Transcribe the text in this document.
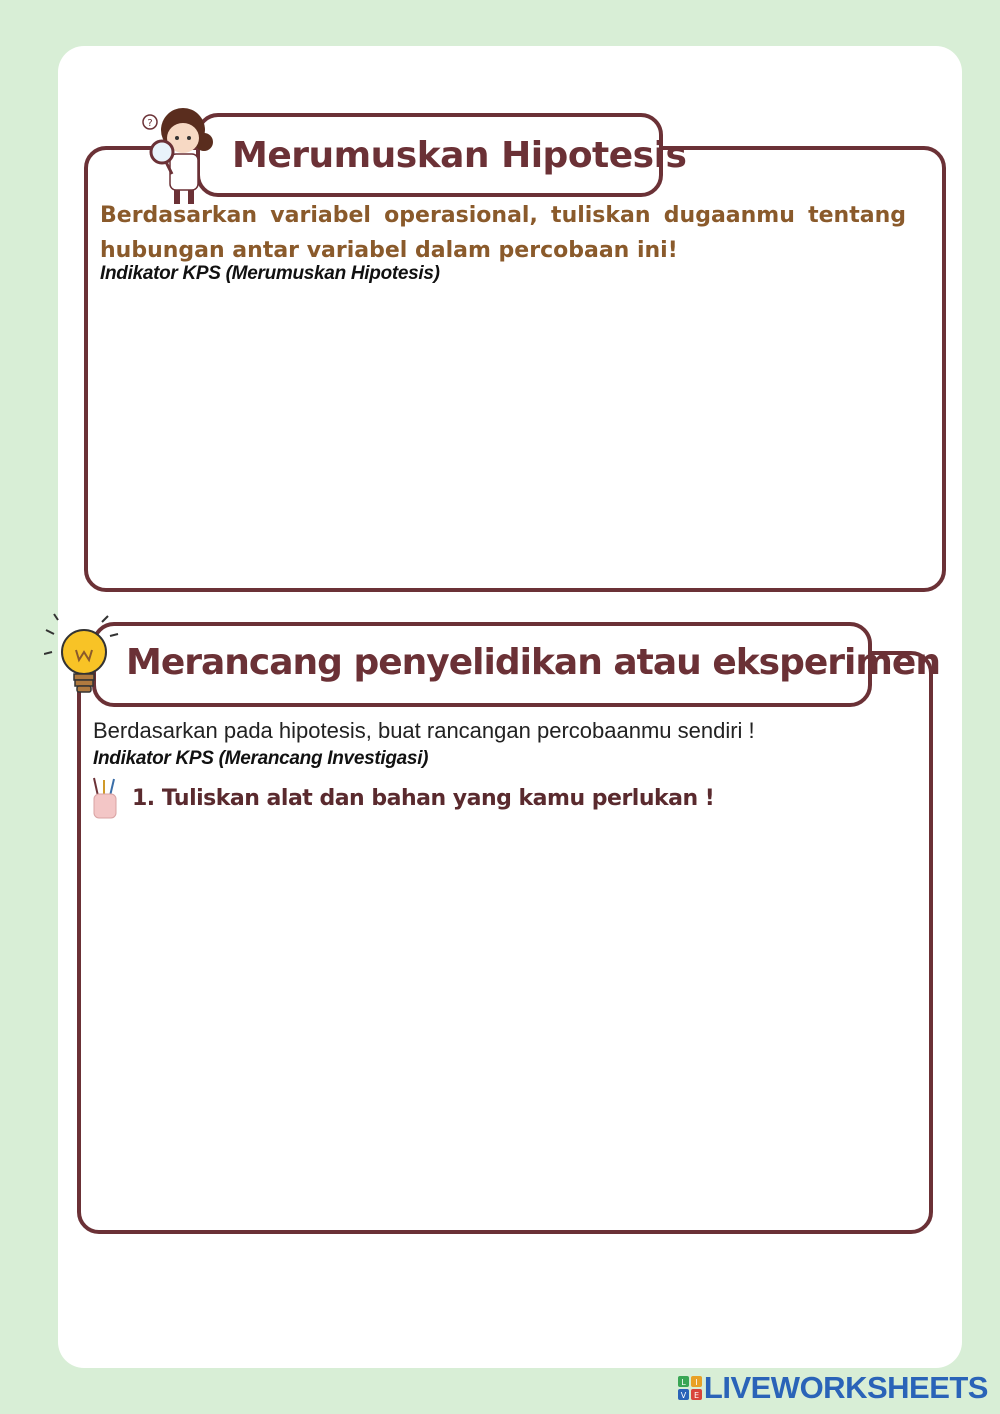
?
Merumuskan Hipotesis
Berdasarkan variabel operasional, tuliskan dugaanmu tentang hubungan antar variabel dalam percobaan ini!
Indikator KPS (Merumuskan Hipotesis)
Merancang penyelidikan atau eksperimen
Berdasarkan pada hipotesis, buat rancangan percobaanmu sendiri !
Indikator KPS (Merancang Investigasi)
1. Tuliskan alat dan bahan yang kamu perlukan !
L I
V E LIVEWORKSHEETS
